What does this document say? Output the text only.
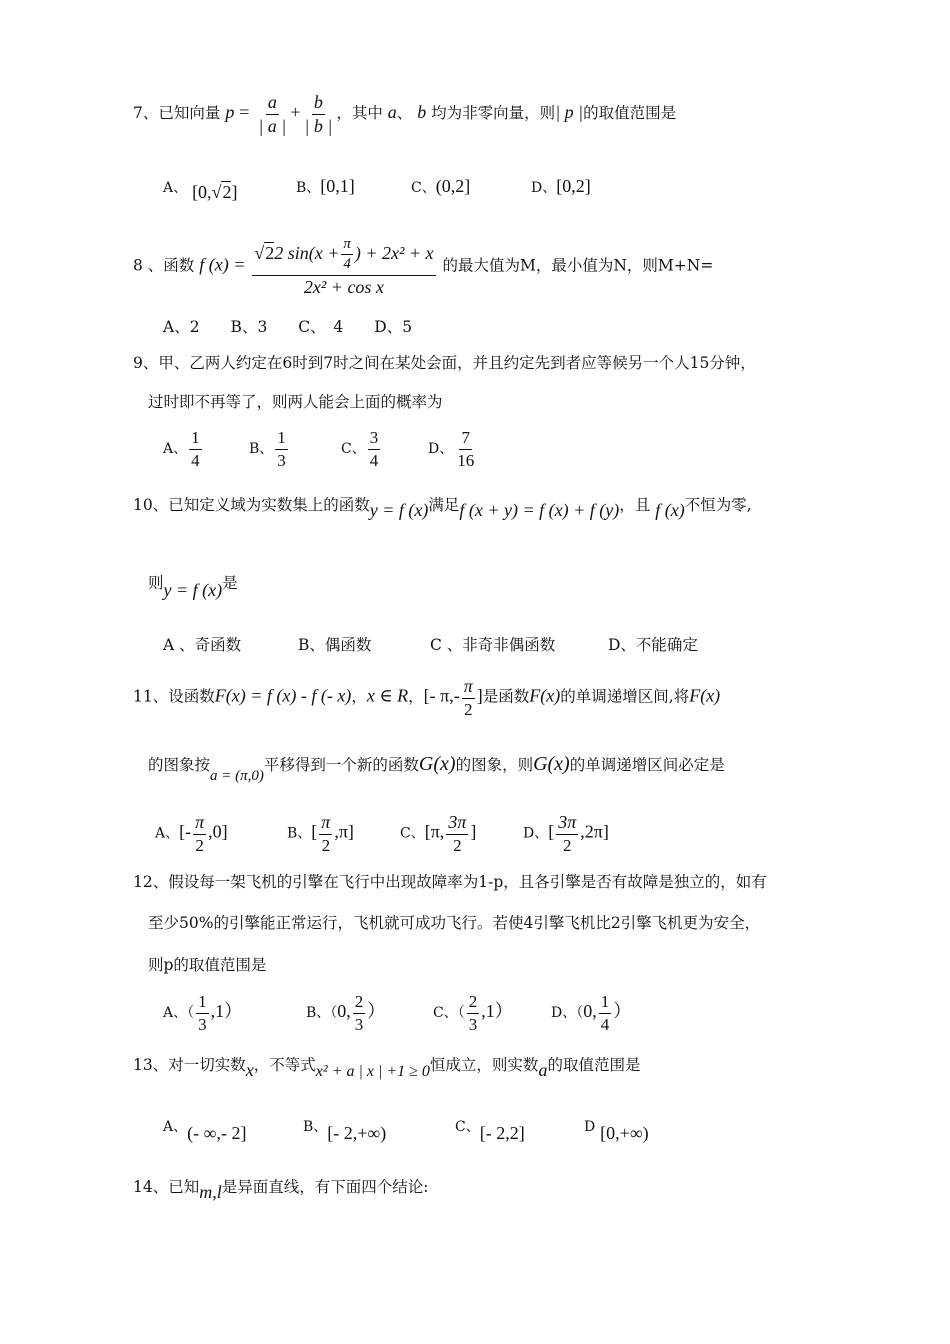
7、已知向量 $p = \frac{a}{| a |} + \frac{b}{| b |}$ ，其中 a、 b 均为非零向量，则| p |的取值范围是
A、 [0,√2]	B、[0,1]	C、(0,2]	D、[0,2]
8 、函数 f $(x) = \frac{√22 \sin(x + \frac{\pi}{4} ) + 2x^2 + x}{\text{2x² + cos x}}$ 的最大值为M，最小值为N，则M+N=
A、2　　B、3　　C、　4　　D、5
9、甲、乙两人约定在6时到7时之间在某处会面，并且约定先到者应等候另一个人15分钟，
过时即不再等了，则两人能会上面的概率为
A、 $\frac{1}{4}$	B、 $\frac{1}{3}$	C、 $\frac{3}{4}$	D、 $\frac{7}{16}$
10、已知定义域为实数集上的函数y = f (x)满足f (x + y) = f (x) + f (y)，且 f (x)不恒为零,
则y = f (x)是
A 、奇函数	B、偶函数	C 、非奇非偶函数	D、不能确定
11、设函数F(x) = f (x) - f (- x)，x ∈ R，[- $\pi,- \frac{\pi}{2}$ ]是函数F(x)的单调递增区间,将F(x)
的图象按a = (π,0)平移得到一个新的函数G(x)的图象，则G(x)的单调递增区间必定是
A、[- $\frac{\pi}{2} ,0$]	B、[ $\frac{\pi}{2} ,\pi$]	C、[π, $\frac{3\pi}{2}$ ]	D、[ $\frac{3\pi}{2} ,2\pi$]
12、假设每一架飞机的引擎在飞行中出现故障率为1-p，且各引擎是否有故障是独立的，如有
至少50%的引擎能正常运行，飞机就可成功飞行。若使4引擎飞机比2引擎飞机更为安全，
则p的取值范围是
A、（ $\frac{1}{3} ,1$）	B、（0, $\frac{2}{3}$ ）	C、（ $\frac{2}{3} ,1$）	D、（0, $\frac{1}{4}$ ）
13、对一切实数x，不等式x² + a | x | +1 ≥ 0恒成立，则实数a的取值范围是
A、(- ∞,- 2]	B、[- 2,+∞)	C、[- 2,2]	D [0,+∞)
14、已知m,l是异面直线，有下面四个结论:
